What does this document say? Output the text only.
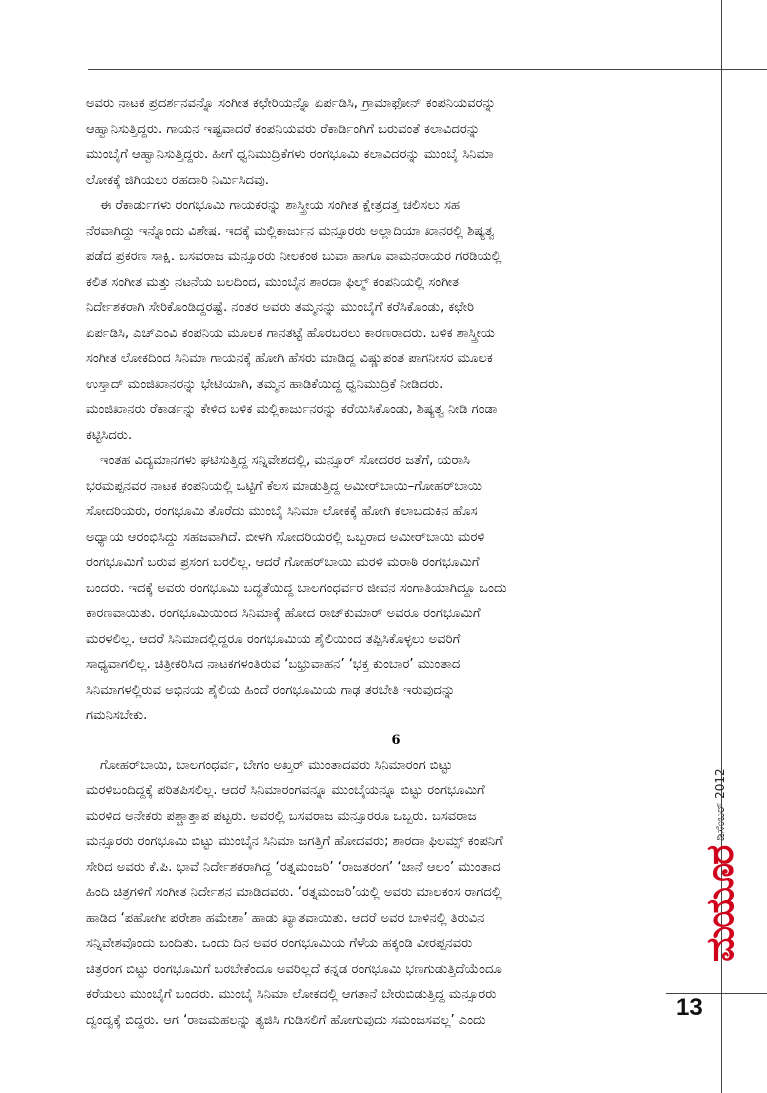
ಅವರು ನಾಟಕ ಪ್ರದರ್ಶನವನ್ನೊ ಸಂಗೀತ ಕಛೇರಿಯನ್ನೊ ಏರ್ಪಡಿಸಿ, ಗ್ರಾಮಾಫೋನ್ ಕಂಪನಿಯವರನ್ನು
ಆಹ್ವಾನಿಸುತ್ತಿದ್ದರು. ಗಾಯನ ಇಷ್ಟವಾದರೆ ಕಂಪನಿಯವರು ರೆಕಾರ್ಡಿಂಗಿಗೆ ಬರುವಂತೆ ಕಲಾವಿದರನ್ನು
ಮುಂಬೈಗೆ ಆಹ್ವಾನಿಸುತ್ತಿದ್ದರು. ಹೀಗೆ ಧ್ವನಿಮುದ್ರಿಕೆಗಳು ರಂಗಭೂಮಿ ಕಲಾವಿದರನ್ನು ಮುಂಬೈ ಸಿನಿಮಾ
ಲೋಕಕ್ಕೆ ಜಿಗಿಯಲು ರಹದಾರಿ ನಿರ್ಮಿಸಿದವು.
ಈ ರೆಕಾರ್ಡುಗಳು ರಂಗಭೂಮಿ ಗಾಯಕರನ್ನು ಶಾಸ್ತ್ರೀಯ ಸಂಗೀತ ಕ್ಷೇತ್ರದತ್ತ ಚಲಿಸಲು ಸಹ
ನೆರವಾಗಿದ್ದು ಇನ್ನೊಂದು ವಿಶೇಷ. ಇದಕ್ಕೆ ಮಲ್ಲಿಕಾರ್ಜುನ ಮನ್ಸೂರರು ಅಲ್ಲಾದಿಯಾ ಖಾನರಲ್ಲಿ ಶಿಷ್ಯತ್ವ
ಪಡೆದ ಪ್ರಕರಣ ಸಾಕ್ಷಿ. ಬಸವರಾಜ ಮನ್ಸೂರರು ನೀಲಕಂಠ ಬುವಾ ಹಾಗೂ ವಾಮನರಾಯರ ಗರಡಿಯಲ್ಲಿ
ಕಲಿತ ಸಂಗೀತ ಮತ್ತು ನಟನೆಯ ಬಲದಿಂದ, ಮುಂಬೈನ ಶಾರದಾ ಫಿಲ್ಮ್ ಕಂಪನಿಯಲ್ಲಿ ಸಂಗೀತ
ನಿರ್ದೇಶಕರಾಗಿ ಸೇರಿಕೊಂಡಿದ್ದರಷ್ಟೆ. ನಂತರ ಅವರು ತಮ್ಮನನ್ನು ಮುಂಬೈಗೆ ಕರೆಸಿಕೊಂಡು, ಕಛೇರಿ
ಏರ್ಪಡಿಸಿ, ಎಚ್‌ಎಂವಿ ಕಂಪನಿಯ ಮೂಲಕ ಗಾನತಟ್ಟೆ ಹೊರಬರಲು ಕಾರಣರಾದರು. ಬಳಿಕ ಶಾಸ್ತ್ರೀಯ
ಸಂಗೀತ ಲೋಕದಿಂದ ಸಿನಿಮಾ ಗಾಯನಕ್ಕೆ ಹೋಗಿ ಹೆಸರು ಮಾಡಿದ್ದ ವಿಷ್ಣುಪಂತ ಪಾಗನೀಸರ ಮೂಲಕ
ಉಸ್ತಾದ್ ಮಂಜಿಖಾನರನ್ನು ಭೇಟಿಯಾಗಿ, ತಮ್ಮನ ಹಾಡಿಕೆಯಿದ್ದ ಧ್ವನಿಮುದ್ರಿಕೆ ನೀಡಿದರು.
ಮಂಜಿಖಾನರು ರೆಕಾರ್ಡನ್ನು ಕೇಳಿದ ಬಳಿಕ ಮಲ್ಲಿಕಾರ್ಜುನರನ್ನು ಕರೆಯಿಸಿಕೊಂಡು, ಶಿಷ್ಯತ್ವ ನೀಡಿ ಗಂಡಾ
ಕಟ್ಟಿಸಿದರು.
ಇಂತಹ ವಿದ್ಯಮಾನಗಳು ಘಟಿಸುತ್ತಿದ್ದ ಸನ್ನಿವೇಶದಲ್ಲಿ, ಮನ್ಸೂರ್ ಸೋದರರ ಜತೆಗೆ, ಯರಾಸಿ
ಭರಮಪ್ಪನವರ ನಾಟಕ ಕಂಪನಿಯಲ್ಲಿ ಒಟ್ಟಿಗೆ ಕೆಲಸ ಮಾಡುತ್ತಿದ್ದ ಅಮೀರ್‌ಬಾಯಿ–ಗೋಹರ್‌ಬಾಯಿ
ಸೋದರಿಯರು, ರಂಗಭೂಮಿ ತೊರೆದು ಮುಂಬೈ ಸಿನಿಮಾ ಲೋಕಕ್ಕೆ ಹೋಗಿ ಕಲಾಬದುಕಿನ ಹೊಸ
ಅಧ್ಯಾಯ ಆರಂಭಿಸಿದ್ದು ಸಹಜವಾಗಿದೆ. ಬೀಳಗಿ ಸೋದರಿಯರಲ್ಲಿ ಒಬ್ಬರಾದ ಅಮೀರ್‌ಬಾಯಿ ಮರಳಿ
ರಂಗಭೂಮಿಗೆ ಬರುವ ಪ್ರಸಂಗ ಬರಲಿಲ್ಲ. ಆದರೆ ಗೋಹರ್‌ಬಾಯಿ ಮರಳಿ ಮರಾಠಿ ರಂಗಭೂಮಿಗೆ
ಬಂದರು. ಇದಕ್ಕೆ ಅವರು ರಂಗಭೂಮಿ ಬದ್ಧತೆಯಿದ್ದ ಬಾಲಗಂಧರ್ವರ ಜೀವನ ಸಂಗಾತಿಯಾಗಿದ್ದೂ ಒಂದು
ಕಾರಣವಾಯಿತು. ರಂಗಭೂಮಿಯಿಂದ ಸಿನಿಮಾಕ್ಕೆ ಹೋದ ರಾಜ್‌ಕುಮಾರ್ ಅವರೂ ರಂಗಭೂಮಿಗೆ
ಮರಳಲಿಲ್ಲ. ಆದರೆ ಸಿನಿಮಾದಲ್ಲಿದ್ದರೂ ರಂಗಭೂಮಿಯ ಶೈಲಿಯಿಂದ ತಪ್ಪಿಸಿಕೊಳ್ಳಲು ಅವರಿಗೆ
ಸಾಧ್ಯವಾಗಲಿಲ್ಲ. ಚಿತ್ರೀಕರಿಸಿದ ನಾಟಕಗಳಂತಿರುವ ‘ಬಭ್ರುವಾಹನ’ ‘ಭಕ್ತ ಕುಂಬಾರ’ ಮುಂತಾದ
ಸಿನಿಮಾಗಳಲ್ಲಿರುವ ಅಭಿನಯ ಶೈಲಿಯ ಹಿಂದೆ ರಂಗಭೂಮಿಯ ಗಾಢ ತರಬೇತಿ ಇರುವುದನ್ನು
ಗಮನಿಸಬೇಕು.
6
ಗೋಹರ್‌ಬಾಯಿ, ಬಾಲಗಂಧರ್ವ, ಬೇಗಂ ಅಖ್ತರ್ ಮುಂತಾದವರು ಸಿನಿಮಾರಂಗ ಬಿಟ್ಟು
ಮರಳಿಬಂದಿದ್ದಕ್ಕೆ ಪರಿತಪಿಸಲಿಲ್ಲ. ಆದರೆ ಸಿನಿಮಾರಂಗವನ್ನೂ ಮುಂಬೈಯನ್ನೂ ಬಿಟ್ಟು ರಂಗಭೂಮಿಗೆ
ಮರಳಿದ ಅನೇಕರು ಪಶ್ಚಾತ್ತಾಪ ಪಟ್ಟರು. ಅವರಲ್ಲಿ ಬಸವರಾಜ ಮನ್ಸೂರರೂ ಒಬ್ಬರು. ಬಸವರಾಜ
ಮನ್ಸೂರರು ರಂಗಭೂಮಿ ಬಿಟ್ಟು ಮುಂಬೈನ ಸಿನಿಮಾ ಜಗತ್ತಿಗೆ ಹೋದವರು; ಶಾರದಾ ಫಿಲಮ್ಸ್ ಕಂಪನಿಗೆ
ಸೇರಿದ ಅವರು ಕೆ.ಪಿ. ಭಾವೆ ನಿರ್ದೇಶಕರಾಗಿದ್ದ ‘ರತ್ನಮಂಜರಿ’ ‘ರಾಜತರಂಗ’ ‘ಜಾನೆ ಆಲಂ’ ಮುಂತಾದ
ಹಿಂದಿ ಚಿತ್ರಗಳಿಗೆ ಸಂಗೀತ ನಿರ್ದೇಶನ ಮಾಡಿದವರು. ‘ರತ್ನಮಂಜರಿ’ಯಲ್ಲಿ ಅವರು ಮಾಲಕಂಸ ರಾಗದಲ್ಲಿ
ಹಾಡಿದ ‘ಪಹೋಗೀ ಪರೇಶಾ ಹಮೇಶಾ’ ಹಾಡು ಖ್ಯಾತವಾಯಿತು. ಆದರೆ ಅವರ ಬಾಳಿನಲ್ಲಿ ತಿರುವಿನ
ಸನ್ನಿವೇಶವೊಂದು ಬಂದಿತು. ಒಂದು ದಿನ ಅವರ ರಂಗಭೂಮಿಯ ಗೆಳೆಯ ಹಕ್ಕಂಡಿ ವೀರಪ್ಪನವರು
ಚಿತ್ರರಂಗ ಬಿಟ್ಟು ರಂಗಭೂಮಿಗೆ ಬರಬೇಕೆಂದೂ ಅವರಿಲ್ಲದೆ ಕನ್ನಡ ರಂಗಭೂಮಿ ಭಣಗುಡುತ್ತಿದೆಯೆಂದೂ
ಕರೆಯಲು ಮುಂಬೈಗೆ ಬಂದರು. ಮುಂಬೈ ಸಿನಿಮಾ ಲೋಕದಲ್ಲಿ ಆಗತಾನೆ ಬೇರುಬಿಡುತ್ತಿದ್ದ ಮನ್ಸೂರರು
ದ್ವಂದ್ವಕ್ಕೆ ಬಿದ್ದರು. ಆಗ ‘ರಾಜಮಹಲನ್ನು ತ್ಯಜಿಸಿ ಗುಡಿಸಲಿಗೆ ಹೋಗುವುದು ಸಮಂಜಸವಲ್ಲ’ ಎಂದು
ಮಯೂರ
ಡಿಸೆಂಬರ್ 2012
13
